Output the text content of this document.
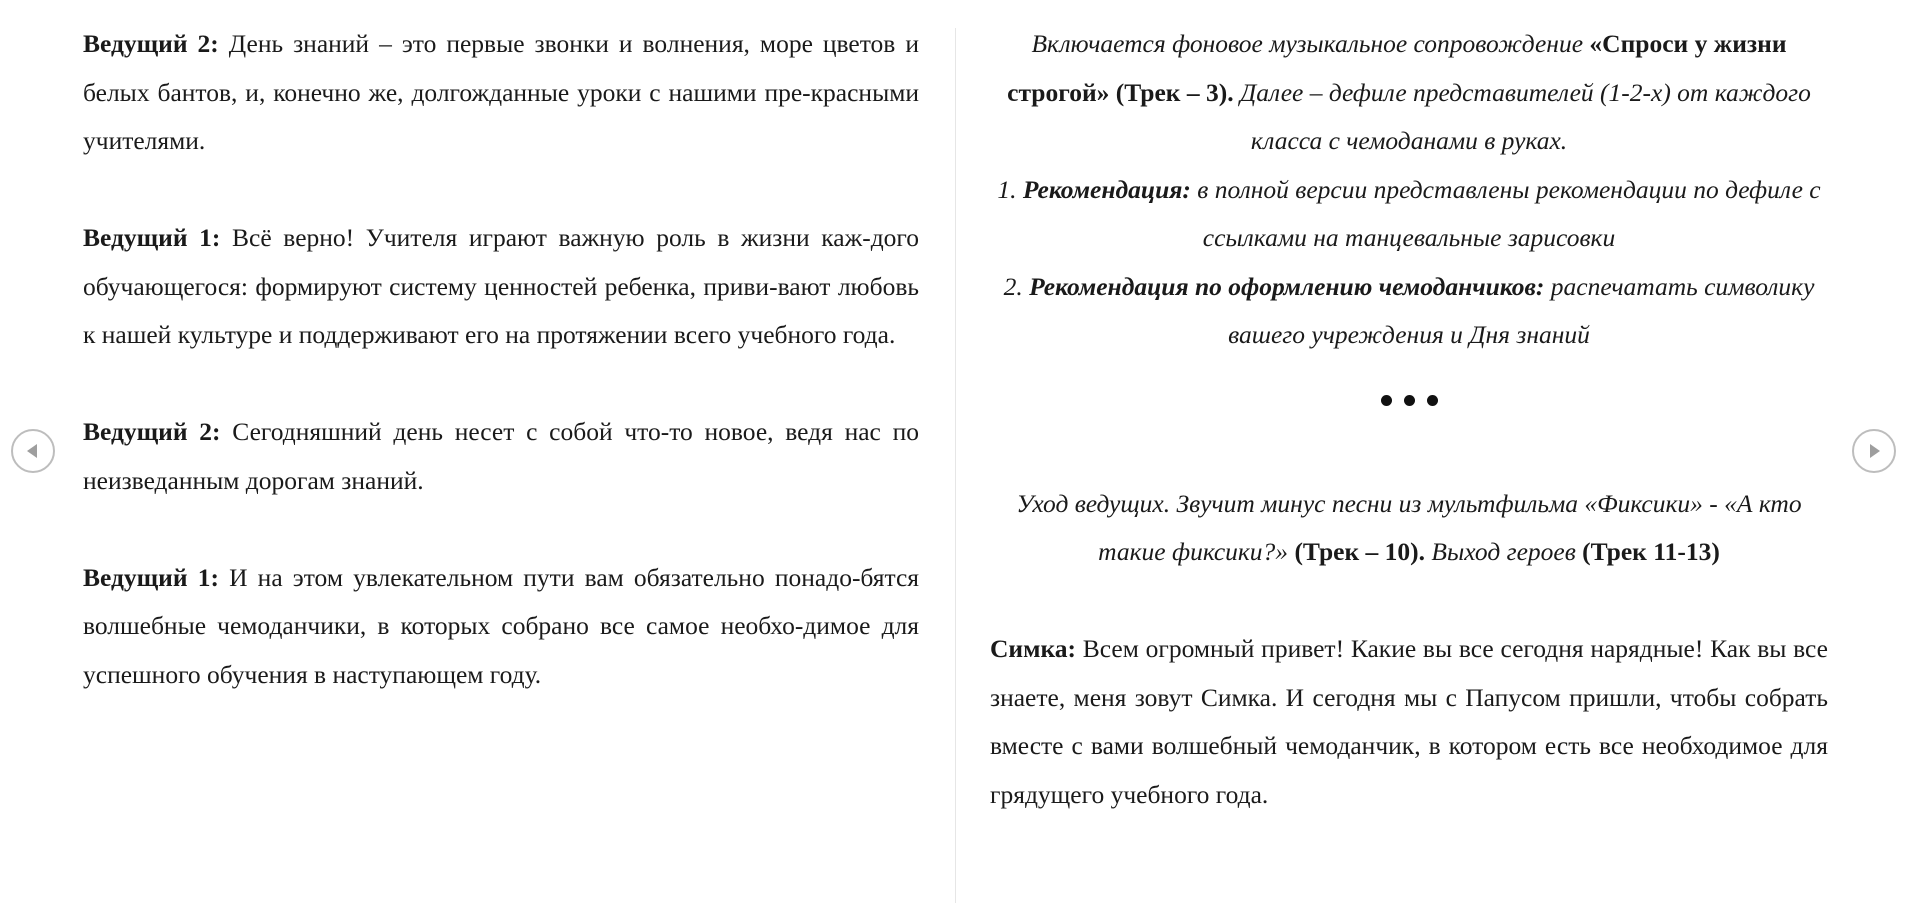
Ведущий 2: День знаний – это первые звонки и волнения, море цветов и белых бантов, и, конечно же, долгожданные уроки с нашими пре-красными учителями.

Ведущий 1: Всё верно! Учителя играют важную роль в жизни каж-дого обучающегося: формируют систему ценностей ребенка, приви-вают любовь к нашей культуре и поддерживают его на протяжении всего учебного года.

Ведущий 2: Сегодняшний день несет с собой что-то новое, ведя нас по неизведанным дорогам знаний.

Ведущий 1: И на этом увлекательном пути вам обязательно понадо-бятся волшебные чемоданчики, в которых собрано все самое необхо-димое для успешного обучения в наступающем году.

Включается фоновое музыкальное сопровождение «Спроси у жизни строгой» (Трек – 3). Далее – дефиле представителей (1-2-х) от каждого класса с чемоданами в руках.

1. Рекомендация: в полной версии представлены рекомендации по дефиле с ссылками на танцевальные зарисовки

2. Рекомендация по оформлению чемоданчиков: распечатать символику вашего учреждения и Дня знаний

Уход ведущих. Звучит минус песни из мультфильма «Фиксики» - «А кто такие фиксики?» (Трек – 10). Выход героев (Трек 11-13)

Симка: Всем огромный привет! Какие вы все сегодня нарядные! Как вы все знаете, меня зовут Симка. И сегодня мы с Папусом пришли, чтобы собрать вместе с вами волшебный чемоданчик, в котором есть все необходимое для грядущего учебного года.
